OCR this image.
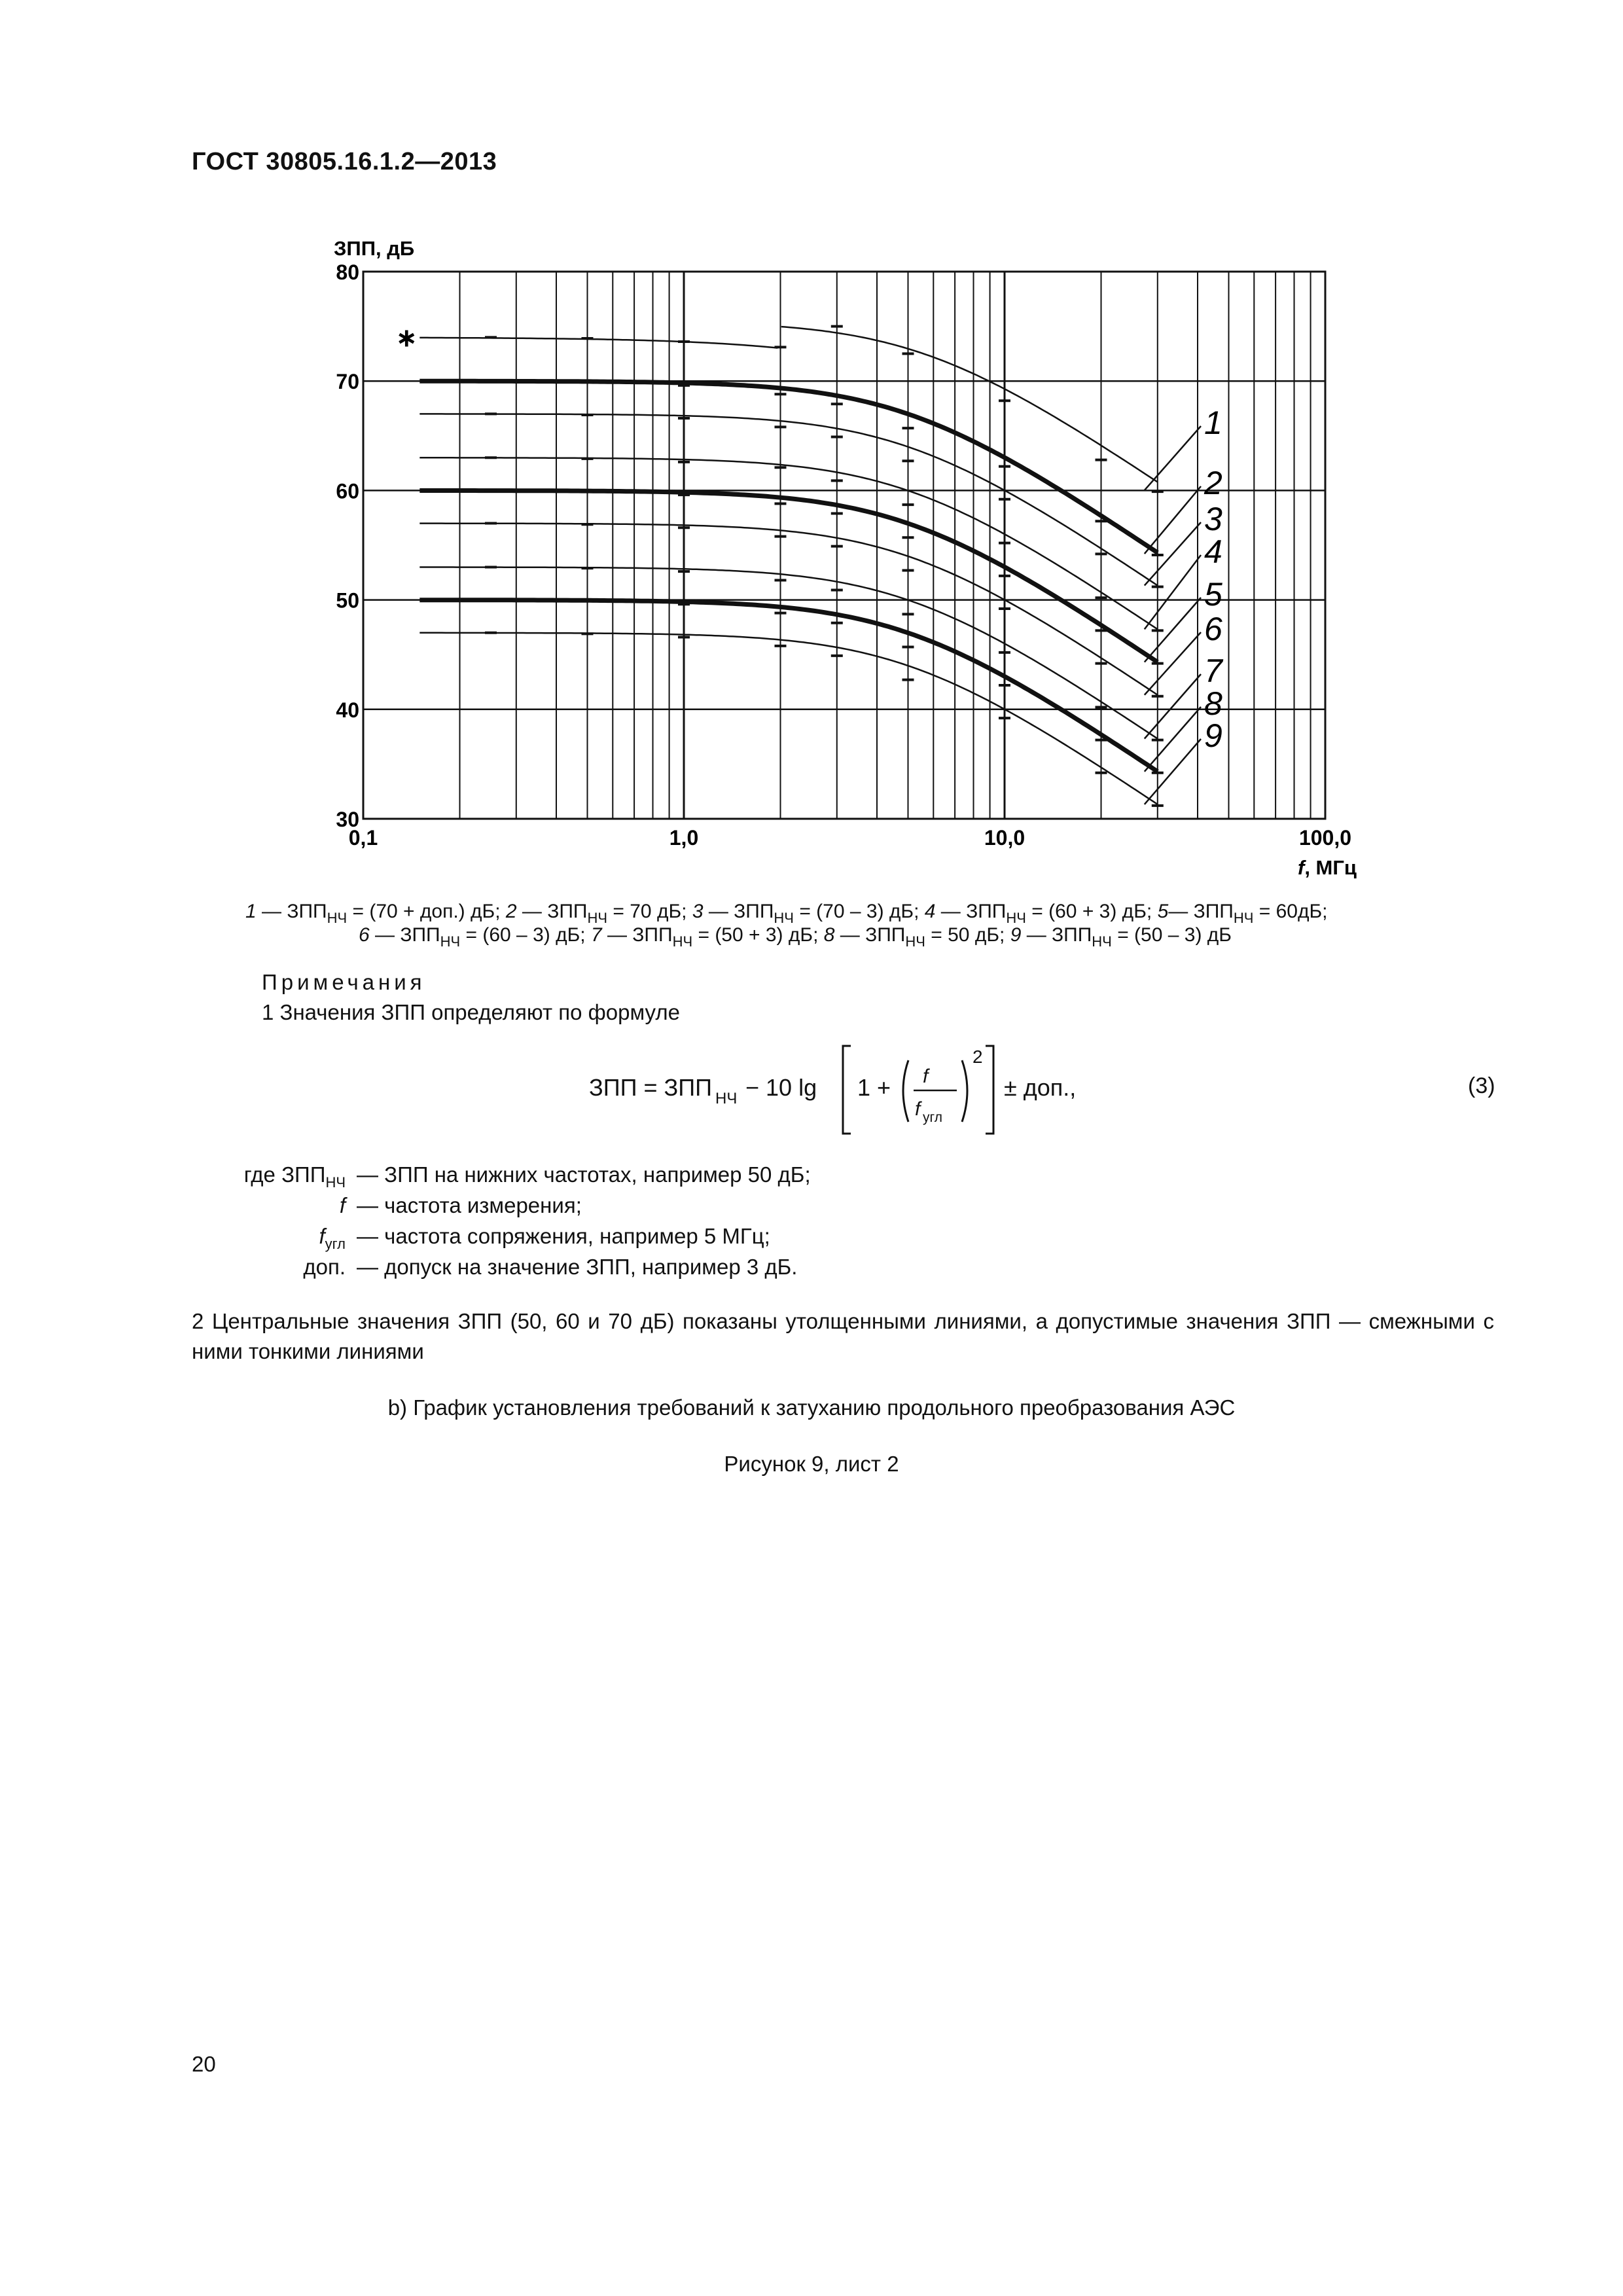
ГОСТ 30805.16.1.2—2013
0,1	1,0	10,0	100,0
30
40
50
60
70
80
1
∗
2
3
4
5
6
7
8
9
ЗПП, дБ
f, МГц
1 — $ЗПП_{НЧ} = (70 + доп.)$ дБ; 2 — $ЗПП_{НЧ} = 70$ дБ; 3 — $ЗПП_{НЧ} = (70 - 3)$ дБ; 4 — $ЗПП_{НЧ} = (60 + 3)$ дБ; 5— $ЗПП_{НЧ} = 60дБ$;
6 — $ЗПП_{НЧ} = (60 - 3)$ дБ; 7 — $ЗПП_{НЧ} = (50 + 3)$ дБ; 8 — $ЗПП_{НЧ} = 50$ дБ; 9 — $ЗПП_{НЧ} = (50 - 3)$ дБ
Примечания
1 Значения ЗПП определяют по формуле
ЗПП = ЗПП НЧ − 10 lg 1 + f
f угл
2
± доп.,	(3)
где $ЗПП_{НЧ}$ — ЗПП на нижних частотах, например 50 дБ;
f — частота измерения;
$f_{угл}$ — частота сопряжения, например 5 МГц;
доп. — допуск на значение ЗПП, например 3 дБ.
2 Центральные значения ЗПП (50, 60 и 70 дБ) показаны утолщенными линиями, а допустимые значения ЗПП — смежными с ними тонкими линиями
b) График установления требований к затуханию продольного преобразования АЭС
Рисунок 9, лист 2
20
